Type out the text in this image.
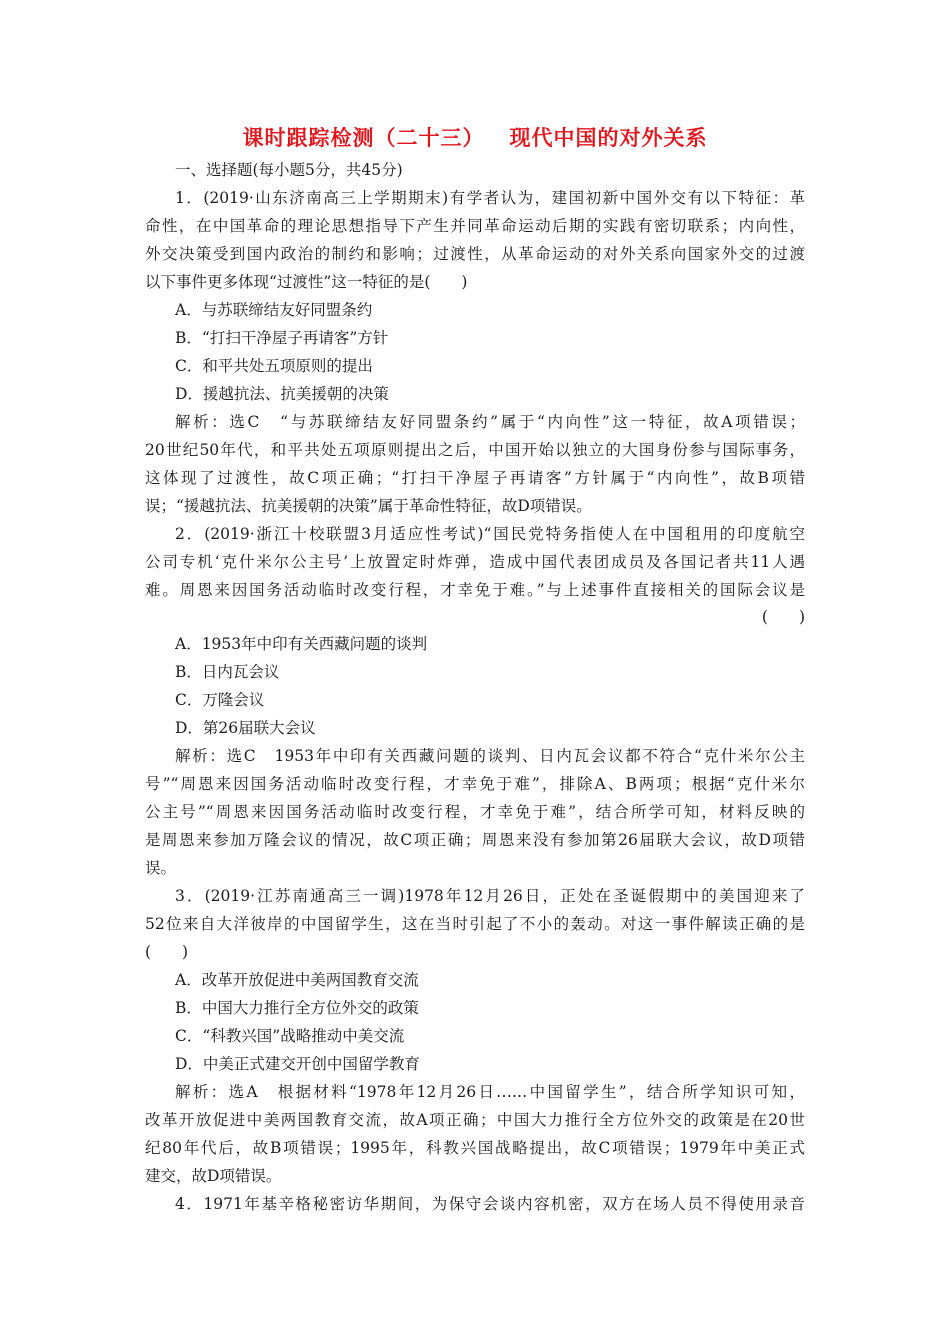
课时跟踪检测（二十三）   现代中国的对外关系
一、选择题(每小题5分，共45分)
1．(2019·山东济南高三上学期期末)有学者认为，建国初新中国外交有以下特征：革
命性，在中国革命的理论思想指导下产生并同革命运动后期的实践有密切联系；内向性，
外交决策受到国内政治的制约和影响；过渡性，从革命运动的对外关系向国家外交的过渡
以下事件更多体现“过渡性”这一特征的是(　　)
A．与苏联缔结友好同盟条约
B．“打扫干净屋子再请客”方针
C．和平共处五项原则的提出
D．援越抗法、抗美援朝的决策
解析：选C　“与苏联缔结友好同盟条约”属于“内向性”这一特征，故A项错误；
20世纪50年代，和平共处五项原则提出之后，中国开始以独立的大国身份参与国际事务，
这体现了过渡性，故C项正确；“打扫干净屋子再请客”方针属于“内向性”，故B项错
误；“援越抗法、抗美援朝的决策”属于革命性特征，故D项错误。
2．(2019·浙江十校联盟3月适应性考试)“国民党特务指使人在中国租用的印度航空
公司专机‘克什米尔公主号’上放置定时炸弹，造成中国代表团成员及各国记者共11人遇
难。周恩来因国务活动临时改变行程，才幸免于难。”与上述事件直接相关的国际会议是
(　　)
A．1953年中印有关西藏问题的谈判
B．日内瓦会议
C．万隆会议
D．第26届联大会议
解析：选C　1953年中印有关西藏问题的谈判、日内瓦会议都不符合“克什米尔公主
号”“周恩来因国务活动临时改变行程，才幸免于难”，排除A、B两项；根据“克什米尔
公主号”“周恩来因国务活动临时改变行程，才幸免于难”，结合所学可知，材料反映的
是周恩来参加万隆会议的情况，故C项正确；周恩来没有参加第26届联大会议，故D项错
误。
3．(2019·江苏南通高三一调)1978年12月26日，正处在圣诞假期中的美国迎来了
52位来自大洋彼岸的中国留学生，这在当时引起了不小的轰动。对这一事件解读正确的是
(　　)
A．改革开放促进中美两国教育交流
B．中国大力推行全方位外交的政策
C．“科教兴国”战略推动中美交流
D．中美正式建交开创中国留学教育
解析：选A　根据材料“1978年12月26日……中国留学生”，结合所学知识可知，
改革开放促进中美两国教育交流，故A项正确；中国大力推行全方位外交的政策是在20世
纪80年代后，故B项错误；1995年，科教兴国战略提出，故C项错误；1979年中美正式
建交，故D项错误。
4．1971年基辛格秘密访华期间，为保守会谈内容机密，双方在场人员不得使用录音
